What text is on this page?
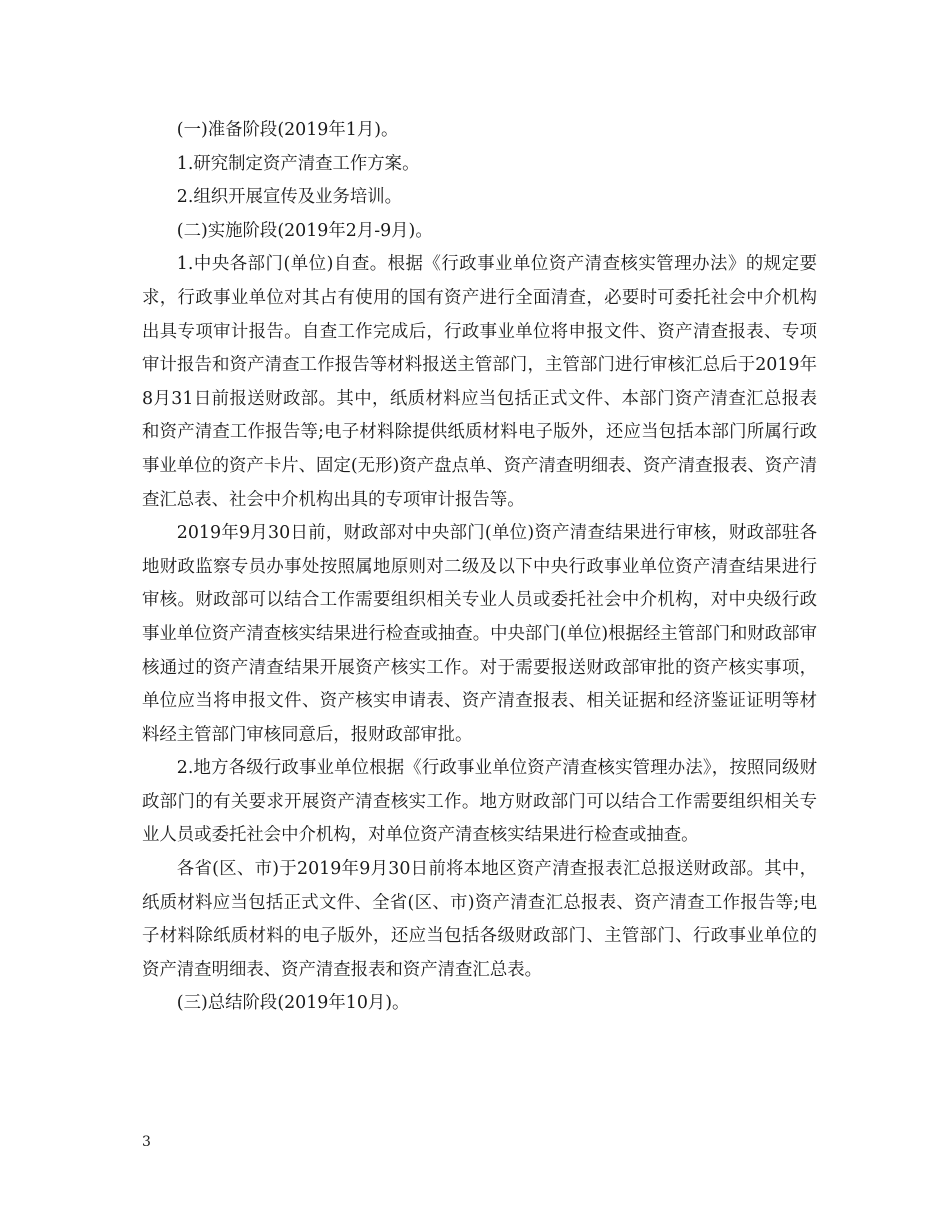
(一)准备阶段(2019年1月)。

1.研究制定资产清查工作方案。

2.组织开展宣传及业务培训。

(二)实施阶段(2019年2月-9月)。

1.中央各部门(单位)自查。根据《行政事业单位资产清查核实管理办法》的规定要求，行政事业单位对其占有使用的国有资产进行全面清查，必要时可委托社会中介机构出具专项审计报告。自查工作完成后，行政事业单位将申报文件、资产清查报表、专项审计报告和资产清查工作报告等材料报送主管部门，主管部门进行审核汇总后于2019年8月31日前报送财政部。其中，纸质材料应当包括正式文件、本部门资产清查汇总报表和资产清查工作报告等;电子材料除提供纸质材料电子版外，还应当包括本部门所属行政事业单位的资产卡片、固定(无形)资产盘点单、资产清查明细表、资产清查报表、资产清查汇总表、社会中介机构出具的专项审计报告等。

2019年9月30日前，财政部对中央部门(单位)资产清查结果进行审核，财政部驻各地财政监察专员办事处按照属地原则对二级及以下中央行政事业单位资产清查结果进行审核。财政部可以结合工作需要组织相关专业人员或委托社会中介机构，对中央级行政事业单位资产清查核实结果进行检查或抽查。中央部门(单位)根据经主管部门和财政部审核通过的资产清查结果开展资产核实工作。对于需要报送财政部审批的资产核实事项，单位应当将申报文件、资产核实申请表、资产清查报表、相关证据和经济鉴证证明等材料经主管部门审核同意后，报财政部审批。

2.地方各级行政事业单位根据《行政事业单位资产清查核实管理办法》，按照同级财政部门的有关要求开展资产清查核实工作。地方财政部门可以结合工作需要组织相关专业人员或委托社会中介机构，对单位资产清查核实结果进行检查或抽查。

各省(区、市)于2019年9月30日前将本地区资产清查报表汇总报送财政部。其中，纸质材料应当包括正式文件、全省(区、市)资产清查汇总报表、资产清查工作报告等;电子材料除纸质材料的电子版外，还应当包括各级财政部门、主管部门、行政事业单位的资产清查明细表、资产清查报表和资产清查汇总表。

(三)总结阶段(2019年10月)。

3
